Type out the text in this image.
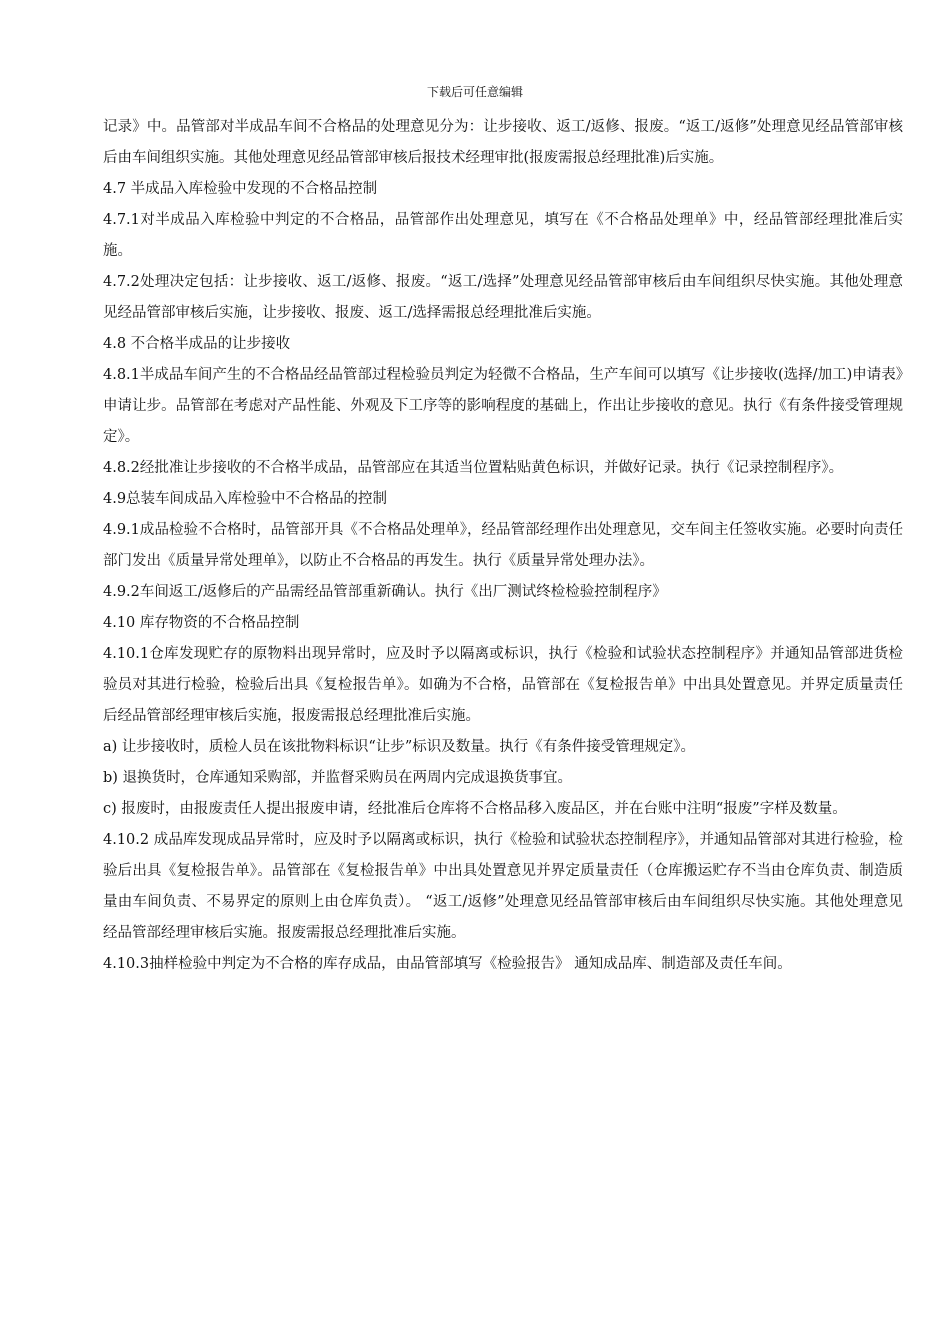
下载后可任意编辑

记录》中。品管部对半成品车间不合格品的处理意见分为：让步接收、返工/返修、报废。“返工/返修”处理意见经品管部审核后由车间组织实施。其他处理意见经品管部审核后报技术经理审批(报废需报总经理批准)后实施。

4.7 半成品入库检验中发现的不合格品控制

4.7.1对半成品入库检验中判定的不合格品，品管部作出处理意见，填写在《不合格品处理单》中，经品管部经理批准后实施。

4.7.2处理决定包括：让步接收、返工/返修、报废。“返工/选择”处理意见经品管部审核后由车间组织尽快实施。其他处理意见经品管部审核后实施，让步接收、报废、返工/选择需报总经理批准后实施。

4.8 不合格半成品的让步接收

4.8.1半成品车间产生的不合格品经品管部过程检验员判定为轻微不合格品，生产车间可以填写《让步接收(选择/加工)申请表》申请让步。品管部在考虑对产品性能、外观及下工序等的影响程度的基础上，作出让步接收的意见。执行《有条件接受管理规定》。

4.8.2经批准让步接收的不合格半成品，品管部应在其适当位置粘贴黄色标识，并做好记录。执行《记录控制程序》。

4.9总装车间成品入库检验中不合格品的控制

4.9.1成品检验不合格时，品管部开具《不合格品处理单》，经品管部经理作出处理意见，交车间主任签收实施。必要时向责任部门发出《质量异常处理单》，以防止不合格品的再发生。执行《质量异常处理办法》。

4.9.2车间返工/返修后的产品需经品管部重新确认。执行《出厂测试终检检验控制程序》

4.10 库存物资的不合格品控制

4.10.1仓库发现贮存的原物料出现异常时，应及时予以隔离或标识，执行《检验和试验状态控制程序》并通知品管部进货检验员对其进行检验，检验后出具《复检报告单》。如确为不合格，品管部在《复检报告单》中出具处置意见。并界定质量责任后经品管部经理审核后实施，报废需报总经理批准后实施。

a) 让步接收时，质检人员在该批物料标识“让步”标识及数量。执行《有条件接受管理规定》。

b) 退换货时，仓库通知采购部，并监督采购员在两周内完成退换货事宜。

c) 报废时，由报废责任人提出报废申请，经批准后仓库将不合格品移入废品区，并在台账中注明“报废”字样及数量。

4.10.2 成品库发现成品异常时，应及时予以隔离或标识，执行《检验和试验状态控制程序》，并通知品管部对其进行检验，检验后出具《复检报告单》。品管部在《复检报告单》中出具处置意见并界定质量责任（仓库搬运贮存不当由仓库负责、制造质量由车间负责、不易界定的原则上由仓库负责）。 “返工/返修”处理意见经品管部审核后由车间组织尽快实施。其他处理意见经品管部经理审核后实施。报废需报总经理批准后实施。

4.10.3抽样检验中判定为不合格的库存成品，由品管部填写《检验报告》 通知成品库、制造部及责任车间。
